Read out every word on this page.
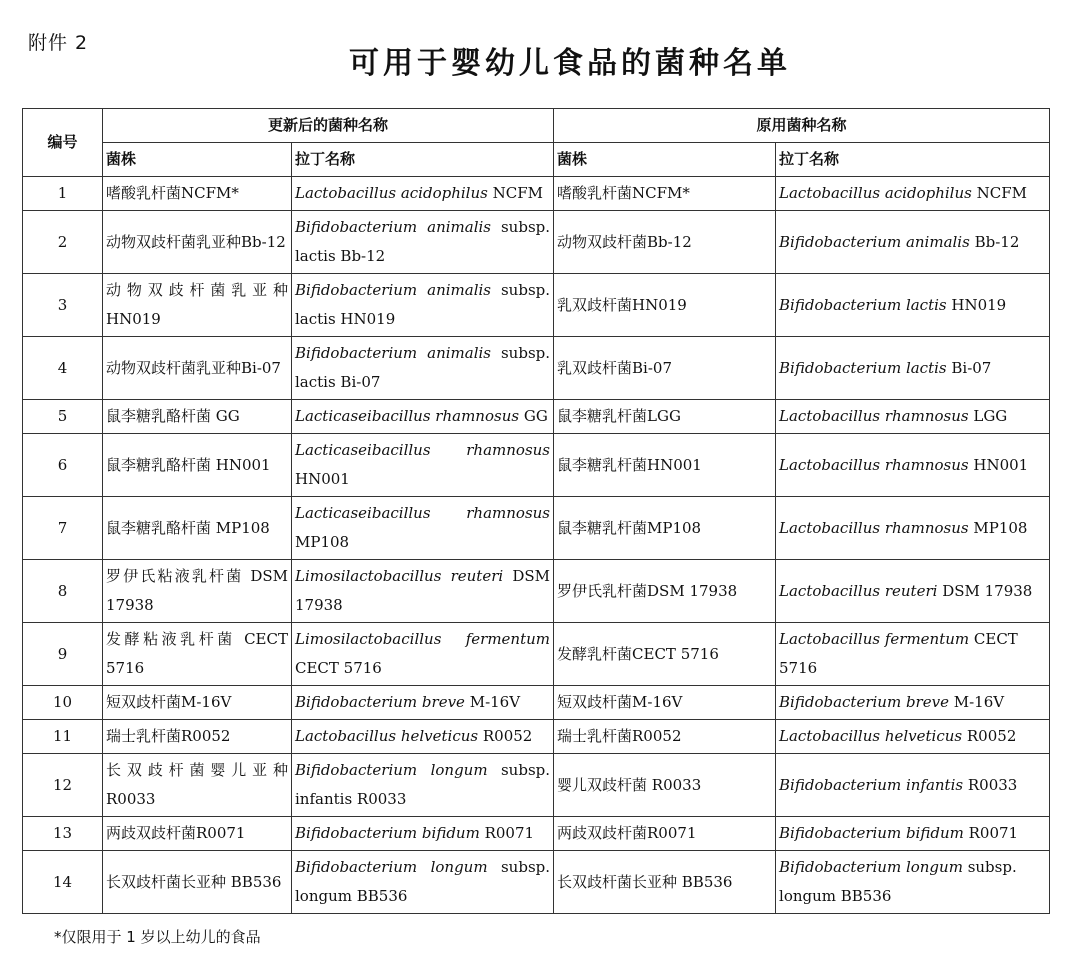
附件 2
可用于婴幼儿食品的菌种名单
编号	更新后的菌种名称		原用菌种名称	
	菌株	拉丁名称	菌株	拉丁名称
1	嗜酸乳杆菌NCFM*	Lactobacillus acidophilus NCFM	嗜酸乳杆菌NCFM*	Lactobacillus acidophilus NCFM
2	动物双歧杆菌乳亚种Bb-12	Bifidobacterium animalis subsp. lactis Bb-12	动物双歧杆菌Bb-12	Bifidobacterium animalis Bb-12
3	动物双歧杆菌乳亚种HN019	Bifidobacterium animalis subsp. lactis HN019	乳双歧杆菌HN019	Bifidobacterium lactis HN019
4	动物双歧杆菌乳亚种Bi-07	Bifidobacterium animalis subsp. lactis Bi-07	乳双歧杆菌Bi-07	Bifidobacterium lactis Bi-07
5	鼠李糖乳酪杆菌 GG	Lacticaseibacillus rhamnosus GG	鼠李糖乳杆菌LGG	Lactobacillus rhamnosus LGG
6	鼠李糖乳酪杆菌 HN001	Lacticaseibacillus rhamnosus HN001	鼠李糖乳杆菌HN001	Lactobacillus rhamnosus HN001
7	鼠李糖乳酪杆菌 MP108	Lacticaseibacillus rhamnosus MP108	鼠李糖乳杆菌MP108	Lactobacillus rhamnosus MP108
8	罗伊氏粘液乳杆菌 DSM 17938	Limosilactobacillus reuteri DSM 17938	罗伊氏乳杆菌DSM 17938	Lactobacillus reuteri DSM 17938
9	发酵粘液乳杆菌 CECT 5716	Limosilactobacillus fermentum CECT 5716	发酵乳杆菌CECT 5716	Lactobacillus fermentum CECT 5716
10	短双歧杆菌M-16V	Bifidobacterium breve M-16V	短双歧杆菌M-16V	Bifidobacterium breve M-16V
11	瑞士乳杆菌R0052	Lactobacillus helveticus R0052	瑞士乳杆菌R0052	Lactobacillus helveticus R0052
12	长双歧杆菌婴儿亚种R0033	Bifidobacterium longum subsp. infantis R0033	婴儿双歧杆菌 R0033	Bifidobacterium infantis R0033
13	两歧双歧杆菌R0071	Bifidobacterium bifidum R0071	两歧双歧杆菌R0071	Bifidobacterium bifidum R0071
14	长双歧杆菌长亚种 BB536	Bifidobacterium longum subsp. longum BB536	长双歧杆菌长亚种 BB536	Bifidobacterium longum subsp. longum BB536
*仅限用于 1 岁以上幼儿的食品
